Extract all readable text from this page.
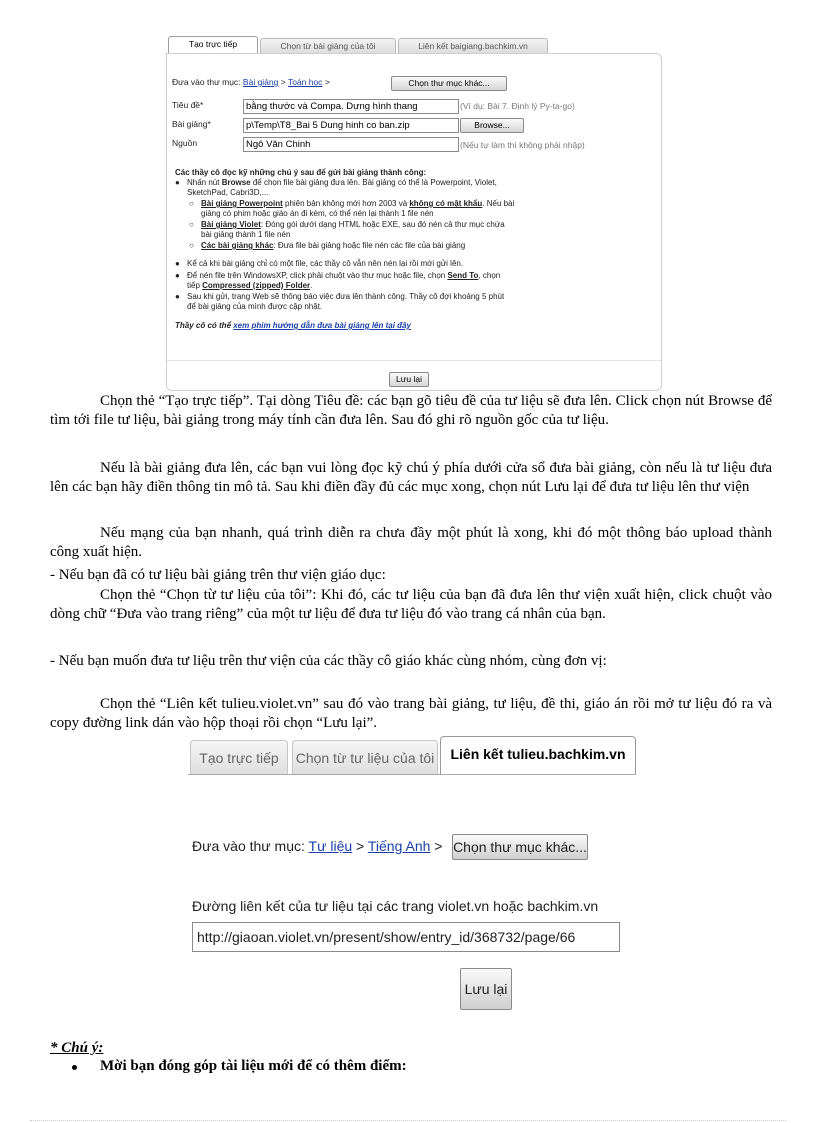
Tạo trực tiếp	Chọn từ bài giảng của tôi	Liên kết baigiang.bachkim.vn
Đưa vào thư mục: Bài giảng > Toán học >	Chọn thư mục khác...
Tiêu đề*	bằng thước và Compa. Dựng hình thang	(Ví dụ: Bài 7. Định lý Py-ta-go)
Bài giảng*	p\Temp\T8_Bai 5 Dung hinh co ban.zip	Browse...
Nguồn	Ngô Văn Chinh	(Nếu tự làm thì không phải nhập)
Các thầy cô đọc kỹ những chú ý sau để gửi bài giảng thành công:
● Nhấn nút Browse để chọn file bài giảng đưa lên. Bài giảng có thể là Powerpoint, Violet,
SketchPad, Cabri3D,...
○ Bài giảng Powerpoint phiên bản không mới hơn 2003 và không có mật khẩu. Nếu bài
giảng có phim hoặc giáo án đi kèm, có thể nén lại thành 1 file nén
○ Bài giảng Violet: Đóng gói dưới dạng HTML hoặc EXE, sau đó nén cả thư mục chứa
bài giảng thành 1 file nén
○ Các bài giảng khác: Đưa file bài giảng hoặc file nén các file của bài giảng
● Kể cả khi bài giảng chỉ có một file, các thầy cô vẫn nên nén lại rồi mới gửi lên.
● Để nén file trên WindowsXP, click phải chuột vào thư mục hoặc file, chọn Send To, chọn
tiếp Compressed (zipped) Folder.
● Sau khi gửi, trang Web sẽ thông báo việc đưa lên thành công. Thầy cô đợi khoảng 5 phút
để bài giảng của mình được cập nhật.
Thầy cô có thể xem phim hướng dẫn đưa bài giảng lên tại đây
Lưu lại

Chọn thẻ “Tạo trực tiếp”. Tại dòng Tiêu đề: các bạn gõ tiêu đề của tư liệu sẽ đưa lên. Click chọn nút Browse để tìm tới file tư liệu, bài giảng trong máy tính cần đưa lên. Sau đó ghi rõ nguồn gốc của tư liệu.

Nếu là bài giảng đưa lên, các bạn vui lòng đọc kỹ chú ý phía dưới cửa sổ đưa bài giảng, còn nếu là tư liệu đưa lên các bạn hãy điền thông tin mô tả. Sau khi điền đầy đủ các mục xong, chọn nút Lưu lại để đưa tư liệu lên thư viện

Nếu mạng của bạn nhanh, quá trình diễn ra chưa đầy một phút là xong, khi đó một thông báo upload thành công xuất hiện.

- Nếu bạn đã có tư liệu bài giảng trên thư viện giáo dục:

Chọn thẻ “Chọn từ tư liệu của tôi”: Khi đó, các tư liệu của bạn đã đưa lên thư viện xuất hiện, click chuột vào dòng chữ “Đưa vào trang riêng” của một tư liệu để đưa tư liệu đó vào trang cá nhân của bạn.

- Nếu bạn muốn đưa tư liệu trên thư viện của các thầy cô giáo khác cùng nhóm, cùng đơn vị:

Chọn thẻ “Liên kết tulieu.violet.vn” sau đó vào trang bài giảng, tư liệu, đề thi, giáo án rồi mở tư liệu đó ra và copy đường link dán vào hộp thoại rồi chọn “Lưu lại”.

Tạo trực tiếp	Chọn từ tư liệu của tôi	Liên kết tulieu.bachkim.vn
Đưa vào thư mục: Tư liệu > Tiếng Anh > Chọn thư mục khác...
Đường liên kết của tư liệu tại các trang violet.vn hoặc bachkim.vn
http://giaoan.violet.vn/present/show/entry_id/368732/page/66
Lưu lại
* Chú ý:
Mời bạn đóng góp tài liệu mới để có thêm điểm:
